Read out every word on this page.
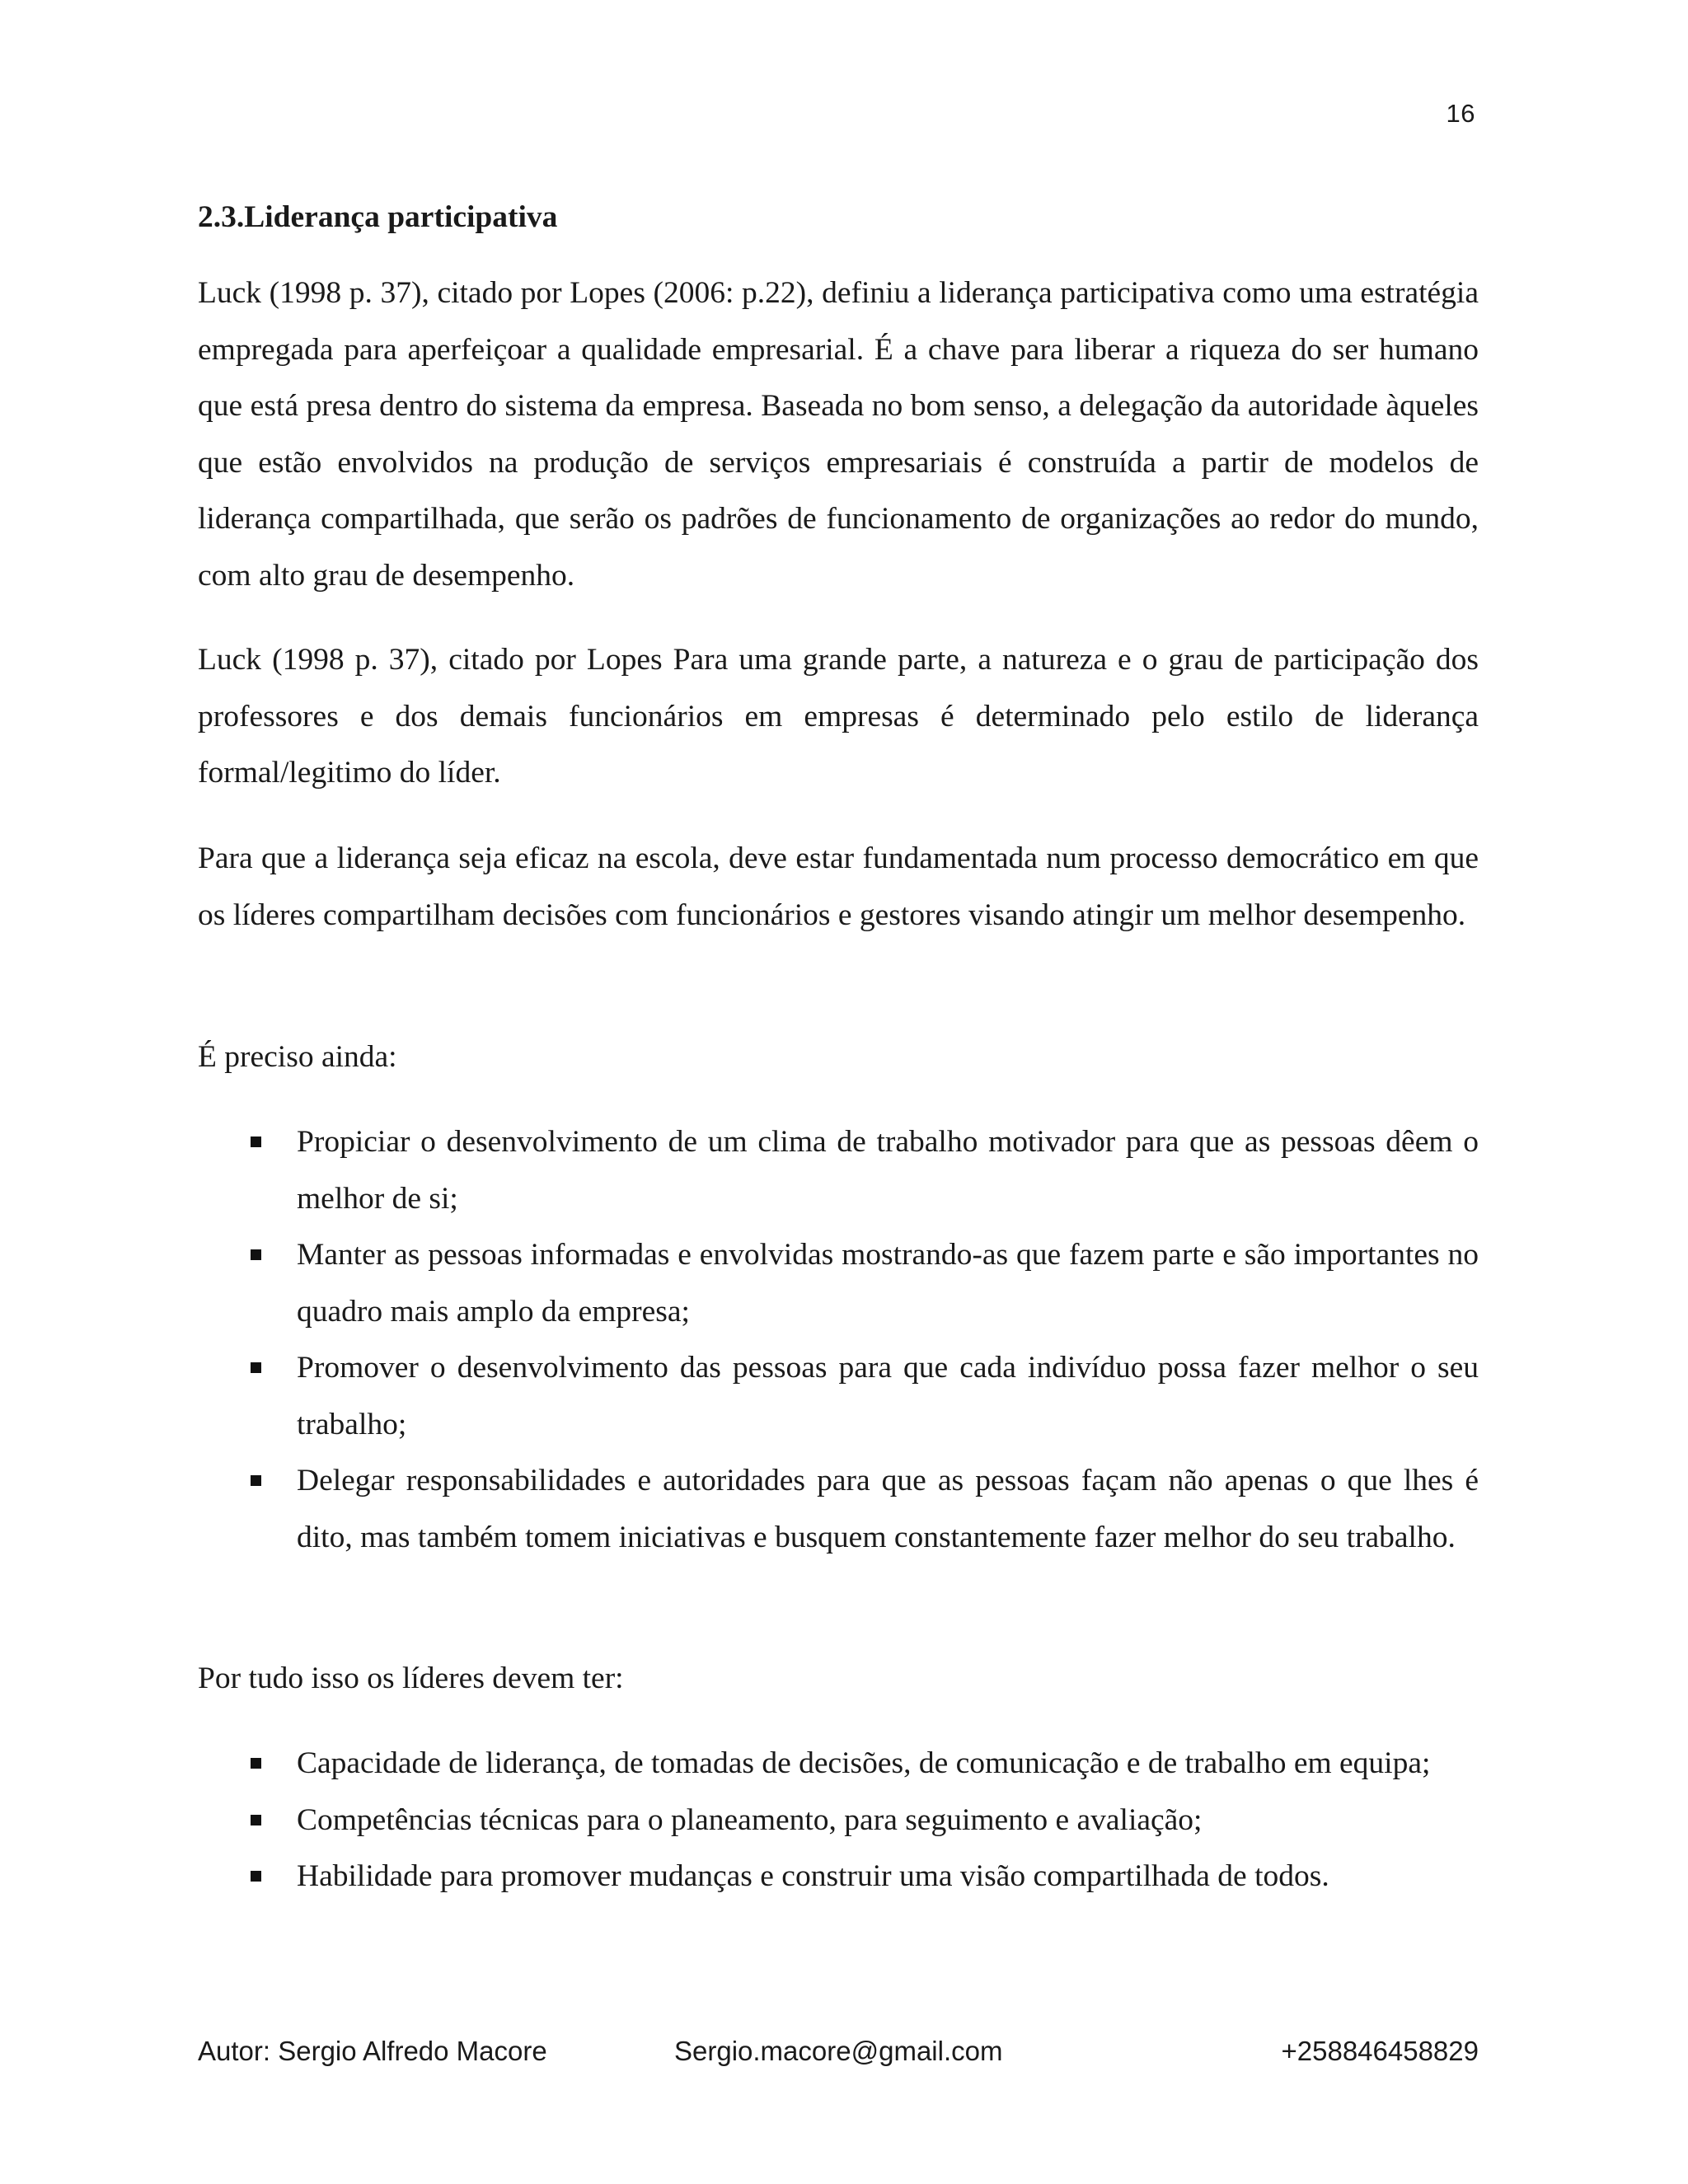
16
2.3.Liderança participativa

Luck (1998 p. 37), citado por Lopes (2006: p.22), definiu a liderança participativa como uma estratégia empregada para aperfeiçoar a qualidade empresarial. É a chave para liberar a riqueza do ser humano que está presa dentro do sistema da empresa. Baseada no bom senso, a delegação da autoridade àqueles que estão envolvidos na produção de serviços empresariais é construída a partir de modelos de liderança compartilhada, que serão os padrões de funcionamento de organizações ao redor do mundo, com alto grau de desempenho.

Luck (1998 p. 37), citado por Lopes Para uma grande parte, a natureza e o grau de participação dos professores e dos demais funcionários em empresas é determinado pelo estilo de liderança formal/legitimo do líder.

Para que a liderança seja eficaz na escola, deve estar fundamentada num processo democrático em que os líderes compartilham decisões com funcionários e gestores visando atingir um melhor desempenho.

É preciso ainda:

Propiciar o desenvolvimento de um clima de trabalho motivador para que as pessoas dêem o melhor de si;
Manter as pessoas informadas e envolvidas mostrando-as que fazem parte e são importantes no quadro mais amplo da empresa;
Promover o desenvolvimento das pessoas para que cada indivíduo possa fazer melhor o seu trabalho;
Delegar responsabilidades e autoridades para que as pessoas façam não apenas o que lhes é dito, mas também tomem iniciativas e busquem constantemente fazer melhor do seu trabalho.

Por tudo isso os líderes devem ter:

Capacidade de liderança, de tomadas de decisões, de comunicação e de trabalho em equipa;
Competências técnicas para o planeamento, para seguimento e avaliação;
Habilidade para promover mudanças e construir uma visão compartilhada de todos.
Autor: Sergio Alfredo Macore	Sergio.macore@gmail.com	+258846458829
